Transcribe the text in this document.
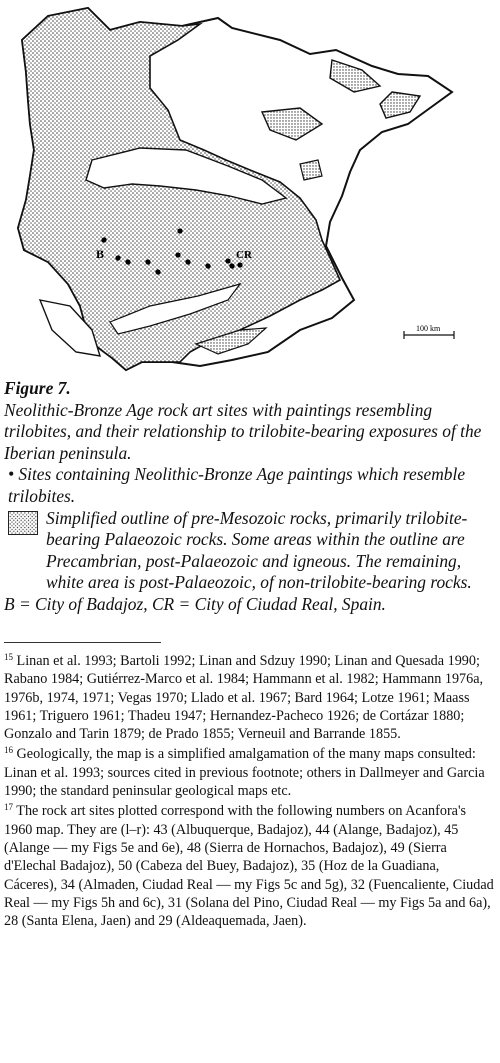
B	CR
100 km

Figure 7.

Neolithic-Bronze Age rock art sites with paintings resembling trilobites, and their relationship to trilobite-bearing exposures of the Iberian peninsula.

• Sites containing Neolithic-Bronze Age paintings which resemble trilobites.

Simplified outline of pre-Mesozoic rocks, primarily trilobite-bearing Palaeozoic rocks. Some areas within the outline are Precambrian, post-Palaeozoic and igneous. The remaining, white area is post-Palaeozoic, of non-trilobite-bearing rocks.

B = City of Badajoz, CR = City of Ciudad Real, Spain.

$^{15}$ Linan et al. 1993; Bartoli 1992; Linan and Sdzuy 1990; Linan and Quesada 1990; Rabano 1984; Gutiérrez-Marco et al. 1984; Hammann et al. 1982; Hammann 1976a, 1976b, 1974, 1971; Vegas 1970; Llado et al. 1967; Bard 1964; Lotze 1961; Maass 1961; Triguero 1961; Thadeu 1947; Hernandez-Pacheco 1926; de Cortázar 1880; Gonzalo and Tarin 1879; de Prado 1855; Verneuil and Barrande 1855.

$^{16}$ Geologically, the map is a simplified amalgamation of the many maps consulted: Linan et al. 1993; sources cited in previous footnote; others in Dallmeyer and Garcia 1990; the standard peninsular geological maps etc.

$^{17}$ The rock art sites plotted correspond with the following numbers on Acanfora's 1960 map. They are (l–r): 43 (Albuquerque, Badajoz), 44 (Alange, Badajoz), 45 (Alange — my Figs 5e and 6e), 48 (Sierra de Hornachos, Badajoz), 49 (Sierra d'Elechal Badajoz), 50 (Cabeza del Buey, Badajoz), 35 (Hoz de la Guadiana, Cáceres), 34 (Almaden, Ciudad Real — my Figs 5c and 5g), 32 (Fuencaliente, Ciudad Real — my Figs 5h and 6c), 31 (Solana del Pino, Ciudad Real — my Figs 5a and 6a), 28 (Santa Elena, Jaen) and 29 (Aldeaquemada, Jaen).
